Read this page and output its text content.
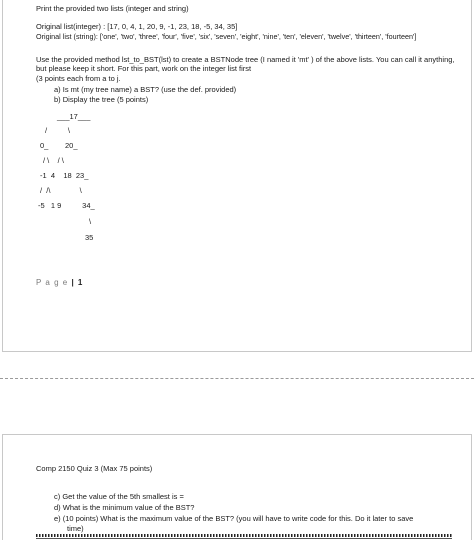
Print the provided two lists (integer and string)
Original list(integer) : [17, 0, 4, 1, 20, 9, -1, 23, 18, -5, 34, 35]
Original list (string): ['one', 'two', 'three', 'four', 'five', 'six', 'seven', 'eight', 'nine', 'ten', 'eleven', 'twelve', 'thirteen', 'fourteen']
Use the provided method lst_to_BST(lst) to create a BSTNode tree (I named it 'mt' ) of the above lists. You can call it anything, but please keep it short. For this part, work on the integer list first
(3 points each from a to j.
a) Is mt (my tree name) a BST? (use the def. provided)
b) Display the tree (5 points)
___17___
/          \
0_        20_
/ \    / \
-1  4    18  23_
/  /\              \
-5   1 9          34_
\
35
P a g e | 1
Comp 2150 Quiz 3 (Max 75 points)
c) Get the value of the 5th smallest is =
d) What is the minimum value of the BST?
e) (10 points) What is the maximum value of the BST? (you will have to write code for this. Do it later to save
time)
